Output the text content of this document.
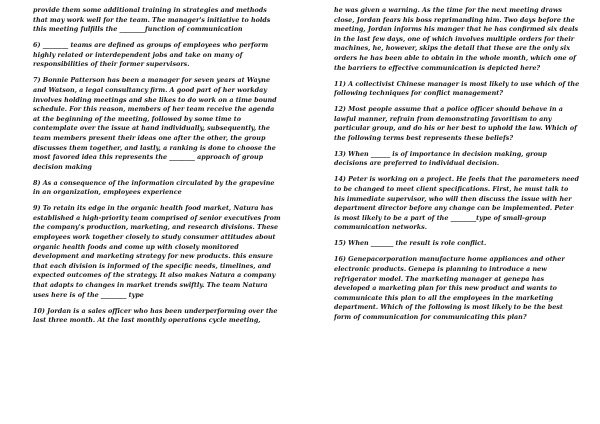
provide them some additional training in strategies and methods that may work well for the team. The manager's initiative to holds this meeting fulfills the ________function of communication

6) ________ teams are defined as groups of employees who perform highly related or interdependent jobs and take on many of responsibilities of their former supervisors.

7) Bonnie Patterson has been a manager for seven years at Wayne and Watson, a legal consultancy firm. A good part of her workday involves holding meetings and she likes to do work on a time bound schedule. For this reason, members of her team receive the agenda at the beginning of the meeting, followed by some time to contemplate over the issue at hand individually, subsequently, the team members present their ideas one after the other, the group discusses them together, and lastly, a ranking is done to choose the most favored idea this represents the ________ approach of group decision making

8) As a consequence of the information circulated by the grapevine in an organization, employees experience

9) To retain its edge in the organic health food market, Natura has established a high-priority team comprised of senior executives from the company's production, marketing, and research divisions. These employees work together closely to study consumer attitudes about organic health foods and come up with closely monitored development and marketing strategy for new products. this ensure that each division is informed of the specific needs, timelines, and expected outcomes of the strategy. It also makes Natura a company that adapts to changes in market trends swiftly. The team Natura uses here is of the ________ type

10) Jordan is a sales officer who has been underperforming over the last three month. At the last monthly operations cycle meeting,

he was given a warning. As the time for the next meeting draws close, Jordan fears his boss reprimanding him. Two days before the meeting, Jordan informs his manger that he has confirmed six deals in the last few days, one of which involves multiple orders for their machines, he, however, skips the detail that these are the only six orders he has been able to obtain in the whole month, which one of the barriers to effective communication is depicted here?

11) A collectivist Chinese manager is most likely to use which of the following techniques for conflict management?

12) Most people assume that a police officer should behave in a lawful manner, refrain from demonstrating favoritism to any particular group, and do his or her best to uphold the law. Which of the following terms best represents these beliefs?

13) When ______ is of importance in decision making, group decisions are preferred to individual decision.

14) Peter is working on a project. He feels that the parameters need to be changed to meet client specifications. First, he must talk to his immediate supervisor, who will then discuss the issue with her department director before any change can be implemented. Peter is most likely to be a part of the ________type of small-group communication networks.

15) When _______ the result is role conflict.

16) Genepacorporation manufacture home appliances and other electronic products. Genepa is planning to introduce a new refrigerator model. The marketing manager at genepa has developed a marketing plan for this new product and wants to communicate this plan to all the employees in the marketing department. Which of the following is most likely to be the best form of communication for communicating this plan?
